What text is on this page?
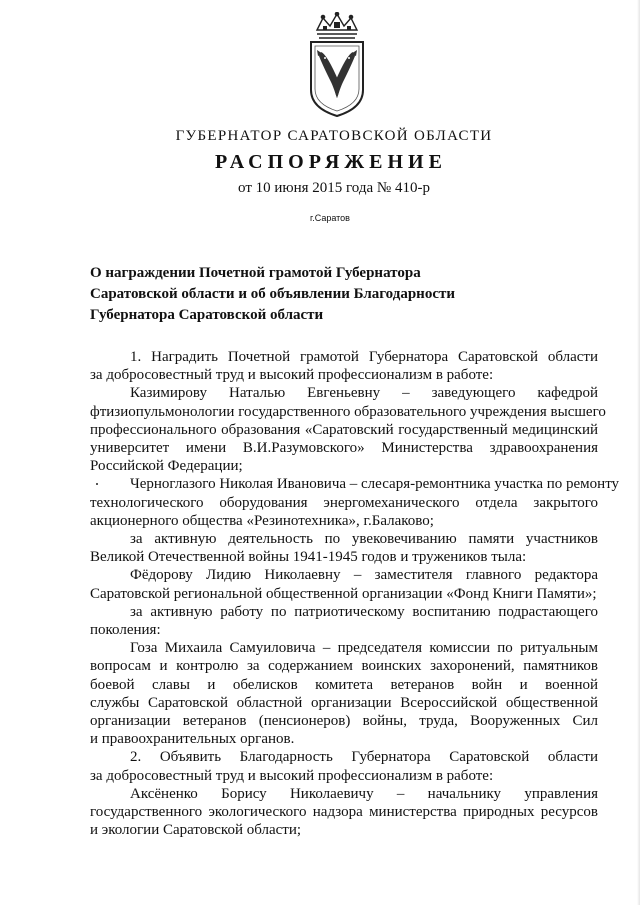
ГУБЕРНАТОР САРАТОВСКОЙ ОБЛАСТИ
РАСПОРЯЖЕНИЕ
от 10 июня 2015 года № 410-р
г.Саратов
О награждении Почетной грамотой Губернатора
Саратовской области и об объявлении Благодарности
Губернатора Саратовской области

1. Наградить Почетной грамотой Губернатора Саратовской области
за добросовестный труд и высокий профессионализм в работе:

Казимирову Наталью Евгеньевну – заведующего кафедрой
фтизиопульмонологии государственного образовательного учреждения высшего
профессионального образования «Саратовский государственный медицинский
университет имени В.И.Разумовского» Министерства здравоохранения
Российской Федерации;

Черноглазого Николая Ивановича – слесаря-ремонтника участка по ремонту
технологического оборудования энергомеханического отдела закрытого
акционерного общества «Резинотехника», г.Балаково;

за активную деятельность по увековечиванию памяти участников
Великой Отечественной войны 1941-1945 годов и тружеников тыла:

Фёдорову Лидию Николаевну – заместителя главного редактора
Саратовской региональной общественной организации «Фонд Книги Памяти»;

за активную работу по патриотическому воспитанию подрастающего
поколения:

Гоза Михаила Самуиловича – председателя комиссии по ритуальным
вопросам и контролю за содержанием воинских захоронений, памятников
боевой славы и обелисков комитета ветеранов войн и военной
службы Саратовской областной организации Всероссийской общественной
организации ветеранов (пенсионеров) войны, труда, Вооруженных Сил
и правоохранительных органов.

2. Объявить Благодарность Губернатора Саратовской области
за добросовестный труд и высокий профессионализм в работе:

Аксёненко Борису Николаевичу – начальнику управления
государственного экологического надзора министерства природных ресурсов
и экологии Саратовской области;
